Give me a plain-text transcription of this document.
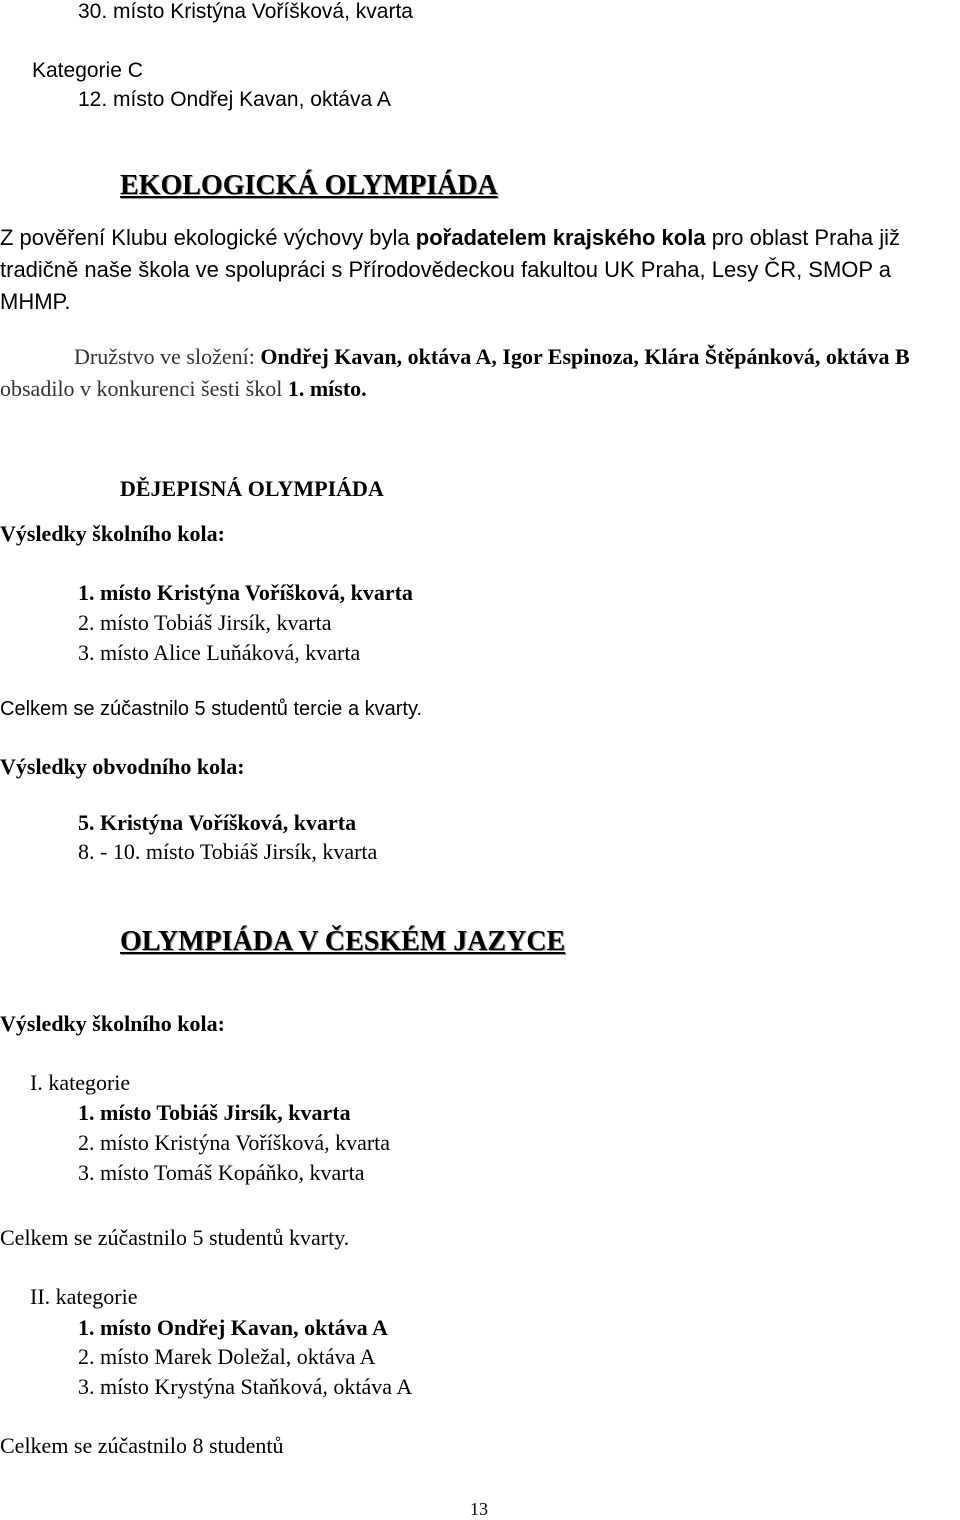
30. místo Kristýna Voříšková, kvarta
Kategorie C
12. místo Ondřej Kavan, oktáva A
EKOLOGICKÁ OLYMPIÁDA
Z pověření Klubu ekologické výchovy byla pořadatelem krajského kola pro oblast Praha již tradičně naše škola ve spolupráci s Přírodovědeckou fakultou UK Praha, Lesy ČR, SMOP a MHMP.
Družstvo ve složení: Ondřej Kavan, oktáva A, Igor Espinoza, Klára Štěpánková, oktáva B obsadilo v konkurenci šesti škol 1. místo.
DĚJEPISNÁ OLYMPIÁDA
Výsledky školního kola:
1. místo Kristýna Voříšková, kvarta
2. místo Tobiáš Jirsík, kvarta
3. místo Alice Luňáková, kvarta
Celkem se zúčastnilo 5 studentů tercie a kvarty.
Výsledky obvodního kola:
5. Kristýna Voříšková, kvarta
8. - 10. místo Tobiáš Jirsík, kvarta
OLYMPIÁDA V ČESKÉM JAZYCE
Výsledky školního kola:
I. kategorie
1. místo Tobiáš Jirsík, kvarta
2. místo Kristýna Voříšková, kvarta
3. místo Tomáš Kopáňko, kvarta
Celkem se zúčastnilo 5 studentů kvarty.
II. kategorie
1. místo Ondřej Kavan, oktáva A
2. místo Marek Doležal, oktáva A
3. místo Krystýna Staňková, oktáva A
Celkem se zúčastnilo 8 studentů
13
